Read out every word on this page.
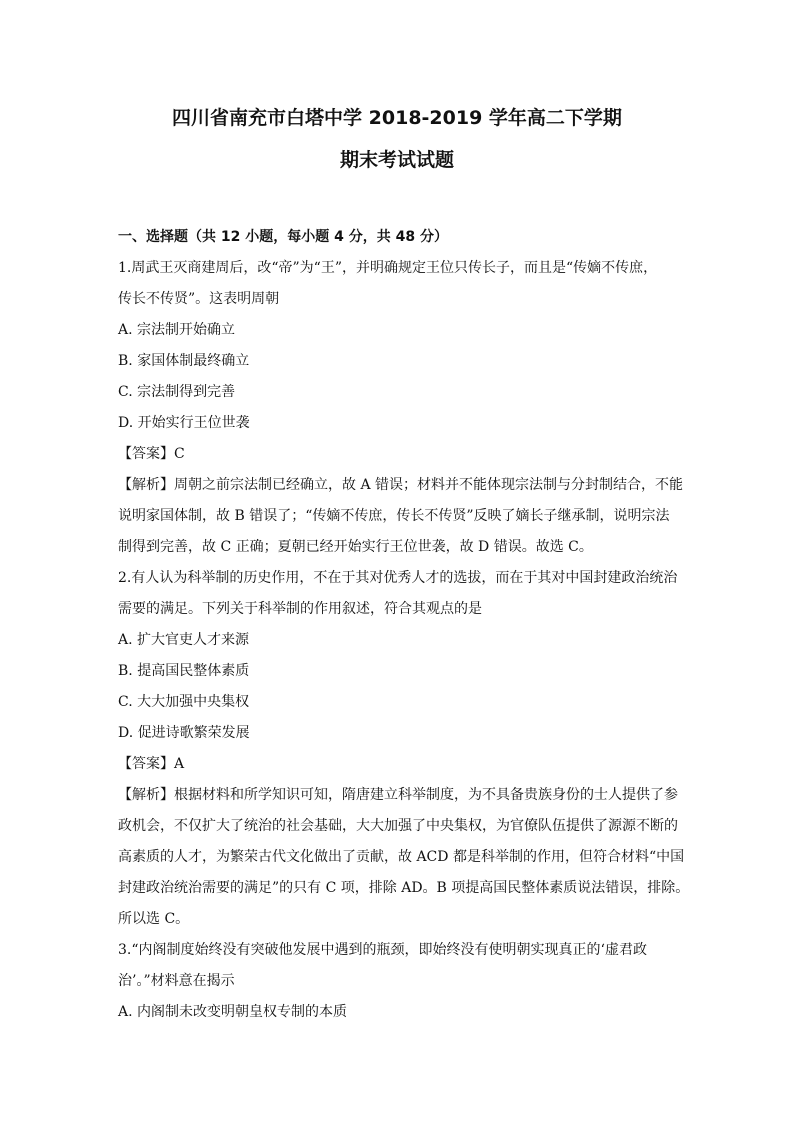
四川省南充市白塔中学 2018-2019 学年高二下学期
期末考试试题
一、选择题（共 12 小题，每小题 4 分，共 48 分）
1.周武王灭商建周后，改“帝”为“王”，并明确规定王位只传长子，而且是“传嫡不传庶，
传长不传贤”。这表明周朝
A. 宗法制开始确立
B. 家国体制最终确立
C. 宗法制得到完善
D. 开始实行王位世袭
【答案】C
【解析】周朝之前宗法制已经确立，故 A 错误；材料并不能体现宗法制与分封制结合，不能
说明家国体制，故 B 错误了；“传嫡不传庶，传长不传贤”反映了嫡长子继承制，说明宗法
制得到完善，故 C 正确；夏朝已经开始实行王位世袭，故 D 错误。故选 C。
2.有人认为科举制的历史作用，不在于其对优秀人才的选拔，而在于其对中国封建政治统治
需要的满足。下列关于科举制的作用叙述，符合其观点的是
A. 扩大官吏人才来源
B. 提高国民整体素质
C. 大大加强中央集权
D. 促进诗歌繁荣发展
【答案】A
【解析】根据材料和所学知识可知，隋唐建立科举制度，为不具备贵族身份的士人提供了参
政机会，不仅扩大了统治的社会基础，大大加强了中央集权，为官僚队伍提供了源源不断的
高素质的人才，为繁荣古代文化做出了贡献，故 ACD 都是科举制的作用，但符合材料“中国
封建政治统治需要的满足”的只有 C 项，排除 AD。B 项提高国民整体素质说法错误，排除。
所以选 C。
3.“内阁制度始终没有突破他发展中遇到的瓶颈，即始终没有使明朝实现真正的‘虚君政
治’。”材料意在揭示
A. 内阁制未改变明朝皇权专制的本质
